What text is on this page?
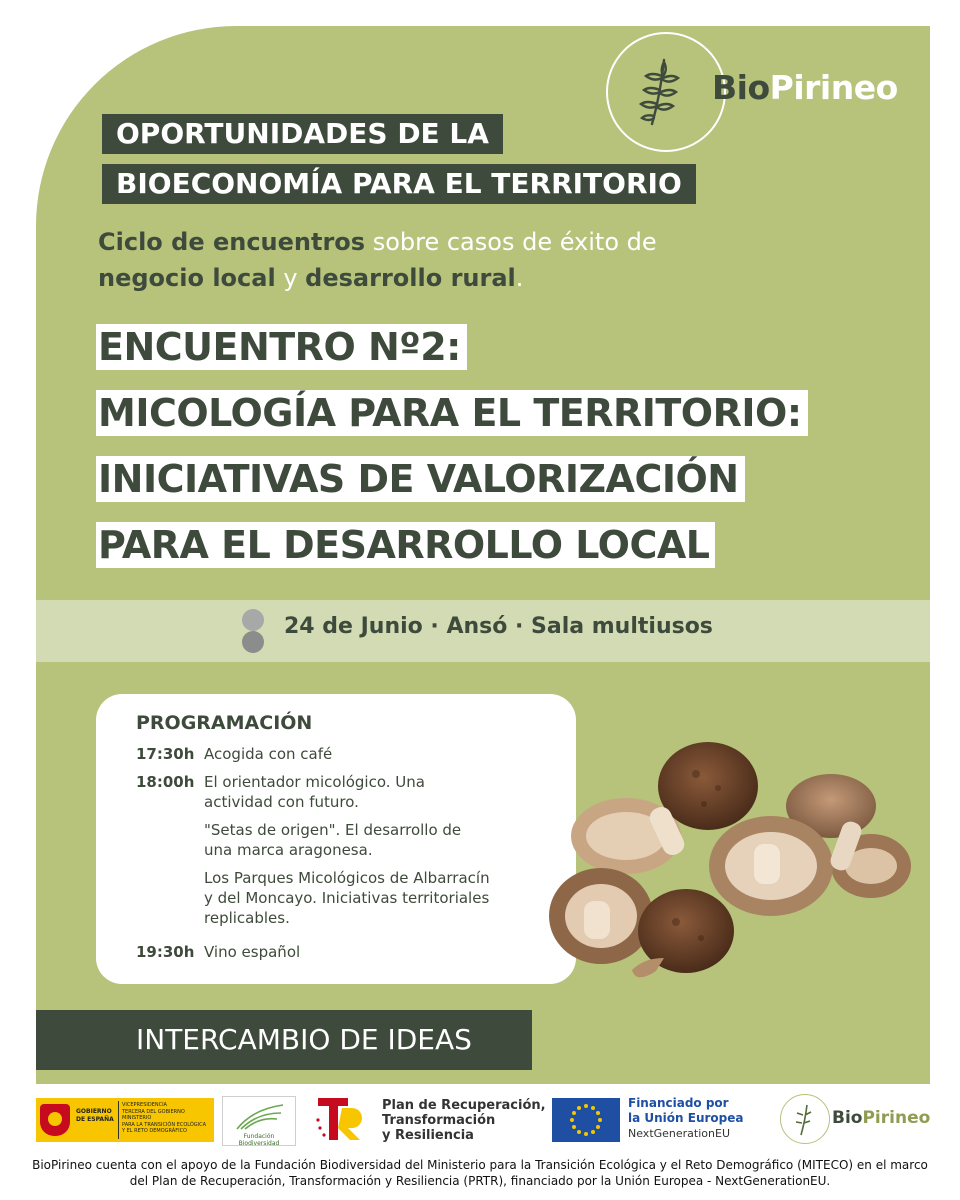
BioPirineo
OPORTUNIDADES DE LA
BIOECONOMÍA PARA EL TERRITORIO
Ciclo de encuentros sobre casos de éxito de
negocio local y desarrollo rural.
ENCUENTRO Nº2:
MICOLOGÍA PARA EL TERRITORIO:
INICIATIVAS DE VALORIZACIÓN
PARA EL DESARROLLO LOCAL
24 de Junio · Ansó · Sala multiusos
PROGRAMACIÓN
17:30h Acogida con café
18:00h El orientador micológico. Una actividad con futuro.
"Setas de origen". El desarrollo de una marca aragonesa.
Los Parques Micológicos de Albarracín y del Moncayo. Iniciativas territoriales replicables.
19:30h Vino español
INTERCAMBIO DE IDEAS
GOBIERNO
DE ESPAÑA
VICEPRESIDENCIA
TERCERA DEL GOBIERNO
MINISTERIO
PARA LA TRANSICIÓN ECOLÓGICA
Y EL RETO DEMOGRÁFICO
Fundación Biodiversidad
Plan de Recuperación,
Transformación
y Resiliencia
Financiado por
la Unión Europea
NextGenerationEU
BioPirineo
BioPirineo cuenta con el apoyo de la Fundación Biodiversidad del Ministerio para la Transición Ecológica y el Reto Demográfico (MITECO) en el marco del Plan de Recuperación, Transformación y Resiliencia (PRTR), financiado por la Unión Europea - NextGenerationEU.
